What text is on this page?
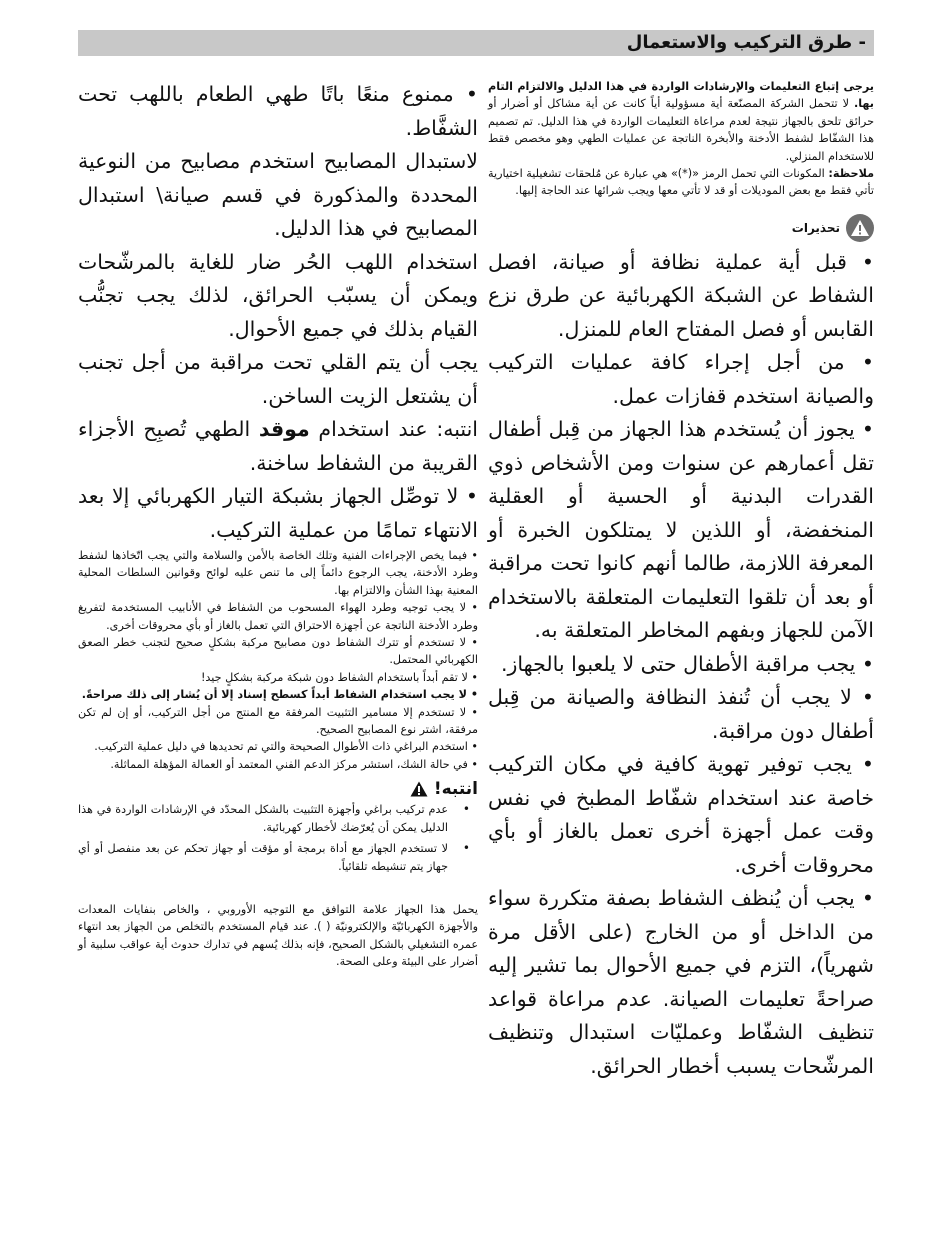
- طرق التركيب والاستعمال

يرجى إتباع التعليمات والإرشادات الواردة في هذا الدليل والالتزام التام بها. لا تتحمل الشركة المصنّعة أية مسؤولية أياً كانت عن أية مشاكل أو أضرار أو حرائق تلحق بالجهاز نتيجة لعدم مراعاة التعليمات الواردة في هذا الدليل. تم تصميم هذا الشفّاط لشفط الأدخنة والأبخرة الناتجة عن عمليات الطهي وهو مخصص فقط للاستخدام المنزلي.

ملاحظة: المكونات التي تحمل الرمز «(*)» هي عبارة عن مُلحقات تشغيلية اختيارية تأتي فقط مع بعض الموديلات أو قد لا تأتي معها ويجب شرائها عند الحاجة إليها.

تحذيرات

• قبل أية عملية نظافة أو صيانة، افصل الشفاط عن الشبكة الكهربائية عن طرق نزع القابس أو فصل المفتاح العام للمنزل.

• من أجل إجراء كافة عمليات التركيب والصيانة استخدم قفازات عمل.

• يجوز أن يُستخدم هذا الجهاز من قِبل أطفال تقل أعمارهم عن سنوات ومن الأشخاص ذوي القدرات البدنية أو الحسية أو العقلية المنخفضة، أو اللذين لا يمتلكون الخبرة أو المعرفة اللازمة، طالما أنهم كانوا تحت مراقبة أو بعد أن تلقوا التعليمات المتعلقة بالاستخدام الآمن للجهاز وبفهم المخاطر المتعلقة به.

• يجب مراقبة الأطفال حتى لا يلعبوا بالجهاز.

• لا يجب أن تُنفذ النظافة والصيانة من قِبل أطفال دون مراقبة.

• يجب توفير تهوية كافية في مكان التركيب خاصة عند استخدام شفّاط المطبخ في نفس وقت عمل أجهزة أخرى تعمل بالغاز أو بأي محروقات أخرى.

• يجب أن يُنظف الشفاط بصفة متكررة سواء من الداخل أو من الخارج (على الأقل مرة شهرياً)، التزم في جميع الأحوال بما تشير إليه صراحةً تعليمات الصيانة. عدم مراعاة قواعد تنظيف الشفّاط وعمليّات استبدال وتنظيف المرشّحات يسبب أخطار الحرائق.

• ممنوع منعًا باتًا طهي الطعام باللهب تحت الشفَّاط.

لاستبدال المصابيح استخدم مصابيح من النوعية المحددة والمذكورة في قسم صيانة\ استبدال المصابيح في هذا الدليل.

استخدام اللهب الحُر ضار للغاية بالمرشّحات ويمكن أن يسبّب الحرائق، لذلك يجب تجنُّب القيام بذلك في جميع الأحوال.

يجب أن يتم القلي تحت مراقبة من أجل تجنب أن يشتعل الزيت الساخن.

انتبه: عند استخدام موقد الطهي تُصبِح الأجزاء القريبة من الشفاط ساخنة.

• لا توصِّل الجهاز بشبكة التيار الكهربائي إلا بعد الانتهاء تمامًا من عملية التركيب.

• فيما يخص الإجراءات الفنية وتلك الخاصة بالأمن والسلامة والتي يجب اتّخاذها لشفط وطرد الأدخنة، يجب الرجوع دائماً إلى ما تنص عليه لوائح وقوانين السلطات المحلية المعنية بهذا الشأن والالتزام بها.

• لا يجب توجيه وطرد الهواء المسحوب من الشفاط في الأنابيب المستخدمة لتفريغ وطرد الأدخنة الناتجة عن أجهزة الاحتراق التي تعمل بالغاز أو بأي محروقات أخرى.

• لا تستخدم أو تترك الشفاط دون مصابيح مركبة بشكلٍ صحيح لتجنب خطر الصعق الكهربائي المحتمل.

• لا تقم أبداً باستخدام الشفاط دون شبكة مركبة بشكلٍ جيد!

• لا يجب استخدام الشفاط أبداً كسطح إسناد إلا أن يُشار إلى ذلك صراحةً.

• لا تستخدم إلا مسامير التثبيت المرفقة مع المنتج من أجل التركيب، أو إن لم تكن مرفقة، اشتر نوع المصابيح الصحيح.

• استخدم البراغي ذات الأطوال الصحيحة والتي تم تحديدها في دليل عملية التركيب.

• في حالة الشك، استشر مركز الدعم الفني المعتمد أو العمالة المؤهلة المماثلة.

انتبه!
• عدم تركيب براغي وأجهزة التثبيت بالشكل المحدّد في الإرشادات الواردة في هذا الدليل يمكن أن يُعرّضك لأخطار كهربائية.
• لا تستخدم الجهاز مع أداة برمجة أو مؤقت أو جهاز تحكم عن بعد منفصل أو أي جهاز يتم تنشيطه تلقائياً.

يحمل هذا الجهاز علامة التوافق مع التوجيه الأوروبي ، والخاص بنفايات المعدات والأجهزة الكهربائيّة والإلكترونيّة ( ). عند قيام المستخدم بالتخلص من الجهاز بعد انتهاء عمره التشغيلي بالشكل الصحيح، فإنه بذلك يُسهم في تدارك حدوث أية عواقب سلبية أو أضرار على البيئة وعلى الصحة.
